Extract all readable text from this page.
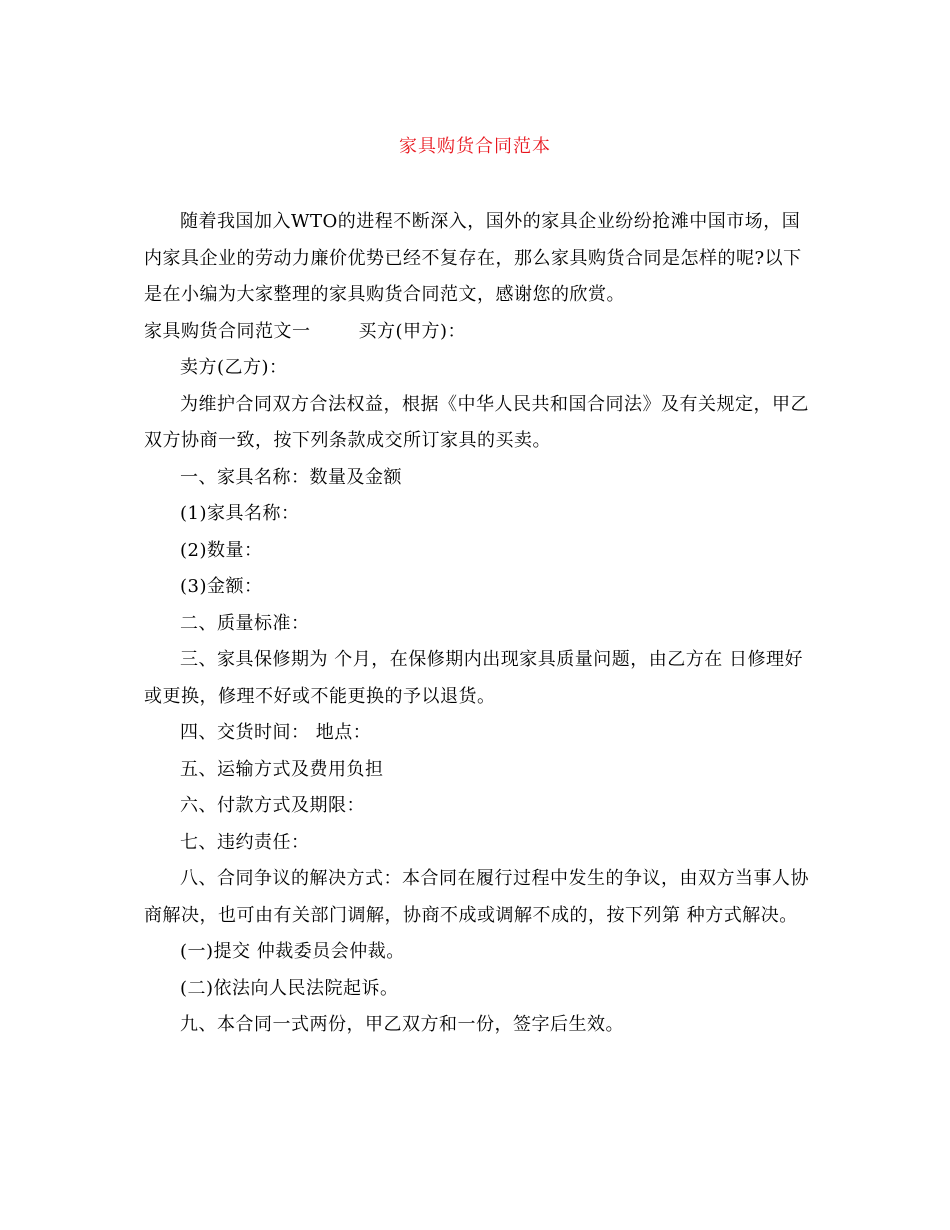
家具购货合同范本

随着我国加入WTO的进程不断深入，国外的家具企业纷纷抢滩中国市场，国内家具企业的劳动力廉价优势已经不复存在，那么家具购货合同是怎样的呢?以下是在小编为大家整理的家具购货合同范文，感谢您的欣赏。

家具购货合同范文一	买方(甲方)：

卖方(乙方)：

为维护合同双方合法权益，根据《中华人民共和国合同法》及有关规定，甲乙双方协商一致，按下列条款成交所订家具的买卖。

一、家具名称：数量及金额

(1)家具名称：

(2)数量：

(3)金额：

二、质量标准：

三、家具保修期为 个月，在保修期内出现家具质量问题，由乙方在 日修理好或更换，修理不好或不能更换的予以退货。

四、交货时间： 地点：

五、运输方式及费用负担

六、付款方式及期限：

七、违约责任：

八、合同争议的解决方式：本合同在履行过程中发生的争议，由双方当事人协商解决，也可由有关部门调解，协商不成或调解不成的，按下列第 种方式解决。

(一)提交 仲裁委员会仲裁。

(二)依法向人民法院起诉。

九、本合同一式两份，甲乙双方和一份，签字后生效。
